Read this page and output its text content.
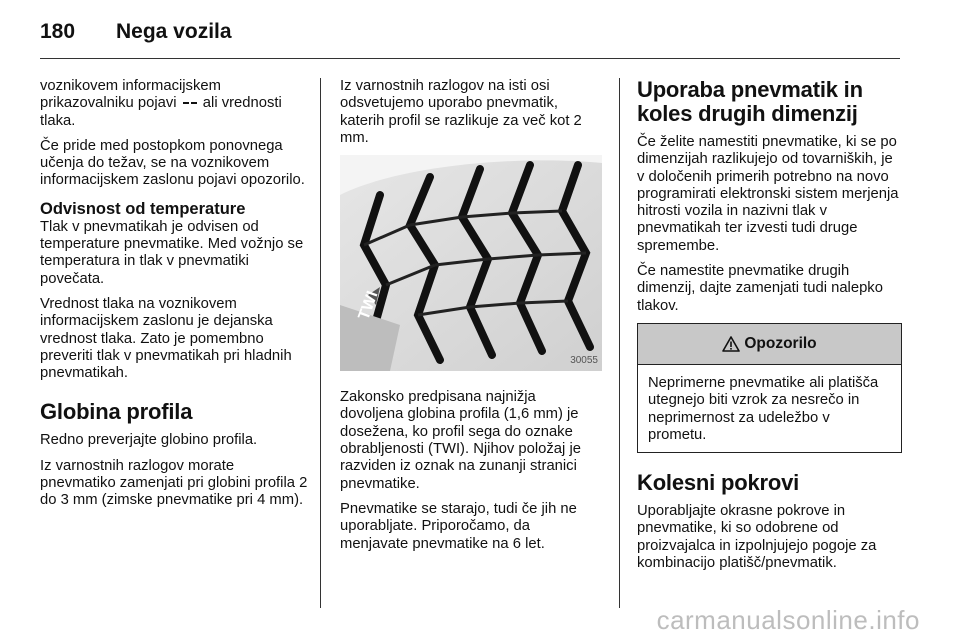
180 Nega vozila

voznikovem informacijskem prikazovalniku pojavi ali vrednosti tlaka.

Če pride med postopkom ponovnega učenja do težav, se na voznikovem informacijskem zaslonu pojavi opozorilo.

Odvisnost od temperature

Tlak v pnevmatikah je odvisen od temperature pnevmatike. Med vožnjo se temperatura in tlak v pnevmatiki povečata.

Vrednost tlaka na voznikovem informacijskem zaslonu je dejanska vrednost tlaka. Zato je pomembno preveriti tlak v pnevmatikah pri hladnih pnevmatikah.

Globina profila

Redno preverjajte globino profila.

Iz varnostnih razlogov morate pnevmatiko zamenjati pri globini profila 2 do 3 mm (zimske pnevmatike pri 4 mm).

Iz varnostnih razlogov na isti osi odsvetujemo uporabo pnevmatik, katerih profil se razlikuje za več kot 2 mm.

TWI
30055

Zakonsko predpisana najnižja dovoljena globina profila (1,6 mm) je dosežena, ko profil sega do oznake obrabljenosti (TWI). Njihov položaj je razviden iz oznak na zunanji stranici pnevmatike.

Pnevmatike se starajo, tudi če jih ne uporabljate. Priporočamo, da menjavate pnevmatike na 6 let.

Uporaba pnevmatik in koles drugih dimenzij

Če želite namestiti pnevmatike, ki se po dimenzijah razlikujejo od tovarniških, je v določenih primerih potrebno na novo programirati elektronski sistem merjenja hitrosti vozila in nazivni tlak v pnevmatikah ter izvesti tudi druge spremembe.

Če namestite pnevmatike drugih dimenzij, dajte zamenjati tudi nalepko tlakov.

Opozorilo
Neprimerne pnevmatike ali platišča utegnejo biti vzrok za nesrečo in neprimernost za udeležbo v prometu.
Kolesni pokrovi

Uporabljajte okrasne pokrove in pnevmatike, ki so odobrene od proizvajalca in izpolnjujejo pogoje za kombinacijo platišč/pnevmatik.

carmanualsonline.info
